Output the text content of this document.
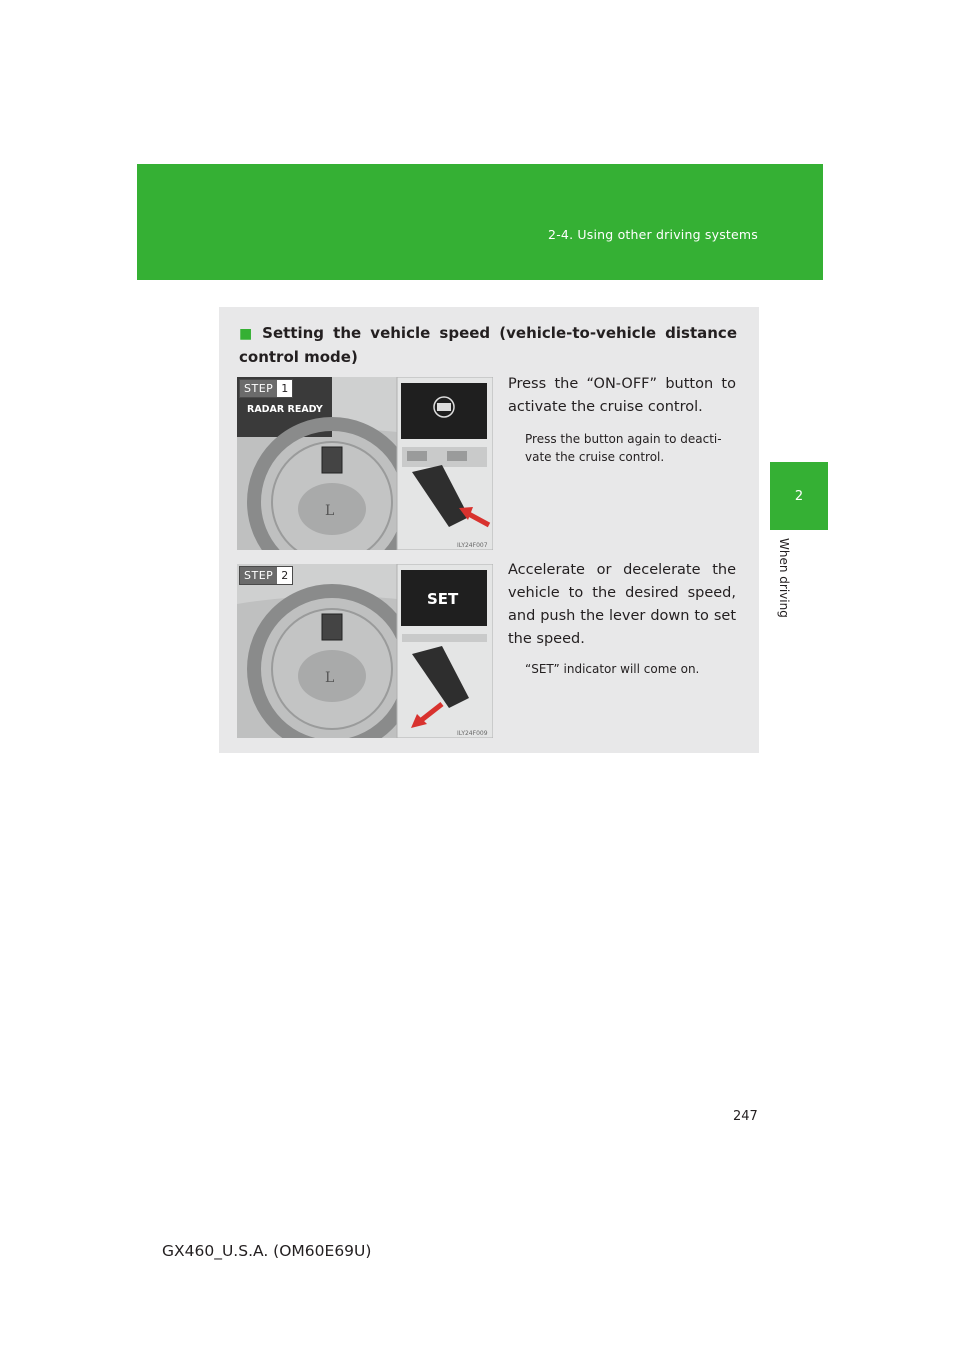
2-4. Using other driving systems
2
When driving
■ Setting the vehicle speed (vehicle-to-vehicle distance control mode)
RADAR READY
L
ILY24F007
STEP 1	Press the “ON-OFF” button to activate the cruise control.
Press the button again to deacti- vate the cruise control.
L
SET
ILY24F009
STEP 2	Accelerate or decelerate the vehicle to the desired speed, and push the lever down to set the speed.
“SET” indicator will come on.
247
GX460_U.S.A. (OM60E69U)
